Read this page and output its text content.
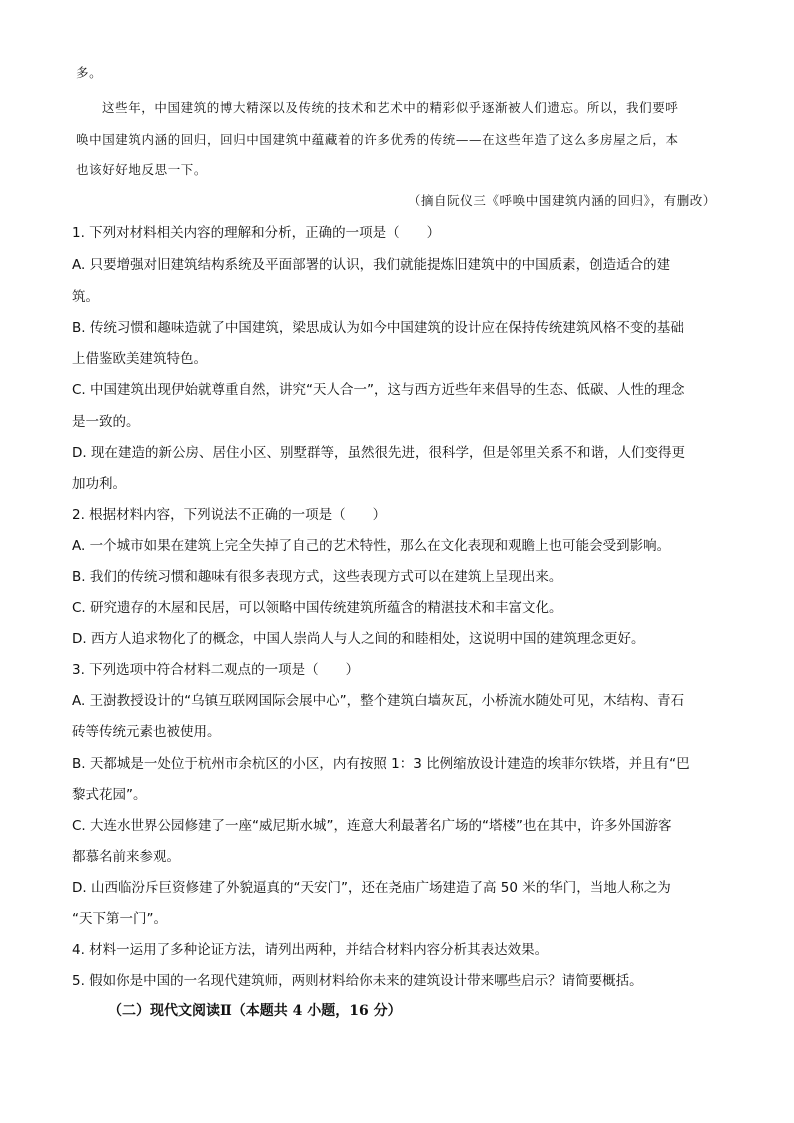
多。
这些年，中国建筑的博大精深以及传统的技术和艺术中的精彩似乎逐渐被人们遗忘。所以，我们要呼
唤中国建筑内涵的回归，回归中国建筑中蕴藏着的许多优秀的传统——在这些年造了这么多房屋之后，本
也该好好地反思一下。
（摘自阮仪三《呼唤中国建筑内涵的回归》，有删改）
1. 下列对材料相关内容的理解和分析，正确的一项是（　　）
A. 只要增强对旧建筑结构系统及平面部署的认识，我们就能提炼旧建筑中的中国质素，创造适合的建
筑。
B. 传统习惯和趣味造就了中国建筑，梁思成认为如今中国建筑的设计应在保持传统建筑风格不变的基础
上借鉴欧美建筑特色。
C. 中国建筑出现伊始就尊重自然，讲究“天人合一”，这与西方近些年来倡导的生态、低碳、人性的理念
是一致的。
D. 现在建造的新公房、居住小区、别墅群等，虽然很先进，很科学，但是邻里关系不和谐，人们变得更
加功利。
2. 根据材料内容，下列说法不正确的一项是（　　）
A. 一个城市如果在建筑上完全失掉了自己的艺术特性，那么在文化表现和观瞻上也可能会受到影响。
B. 我们的传统习惯和趣味有很多表现方式，这些表现方式可以在建筑上呈现出来。
C. 研究遗存的木屋和民居，可以领略中国传统建筑所蕴含的精湛技术和丰富文化。
D. 西方人追求物化了的概念，中国人崇尚人与人之间的和睦相处，这说明中国的建筑理念更好。
3. 下列选项中符合材料二观点的一项是（　　）
A. 王澍教授设计的“乌镇互联网国际会展中心”，整个建筑白墙灰瓦，小桥流水随处可见，木结构、青石
砖等传统元素也被使用。
B. 天都城是一处位于杭州市余杭区的小区，内有按照 1：3 比例缩放设计建造的埃菲尔铁塔，并且有“巴
黎式花园”。
C. 大连水世界公园修建了一座“威尼斯水城”，连意大利最著名广场的“塔楼”也在其中，许多外国游客
都慕名前来参观。
D. 山西临汾斥巨资修建了外貌逼真的“天安门”，还在尧庙广场建造了高 50 米的华门，当地人称之为
“天下第一门”。
4. 材料一运用了多种论证方法，请列出两种，并结合材料内容分析其表达效果。
5. 假如你是中国的一名现代建筑师，两则材料给你未来的建筑设计带来哪些启示？请简要概括。
（二）现代文阅读Ⅱ（本题共 4 小题，16 分）
